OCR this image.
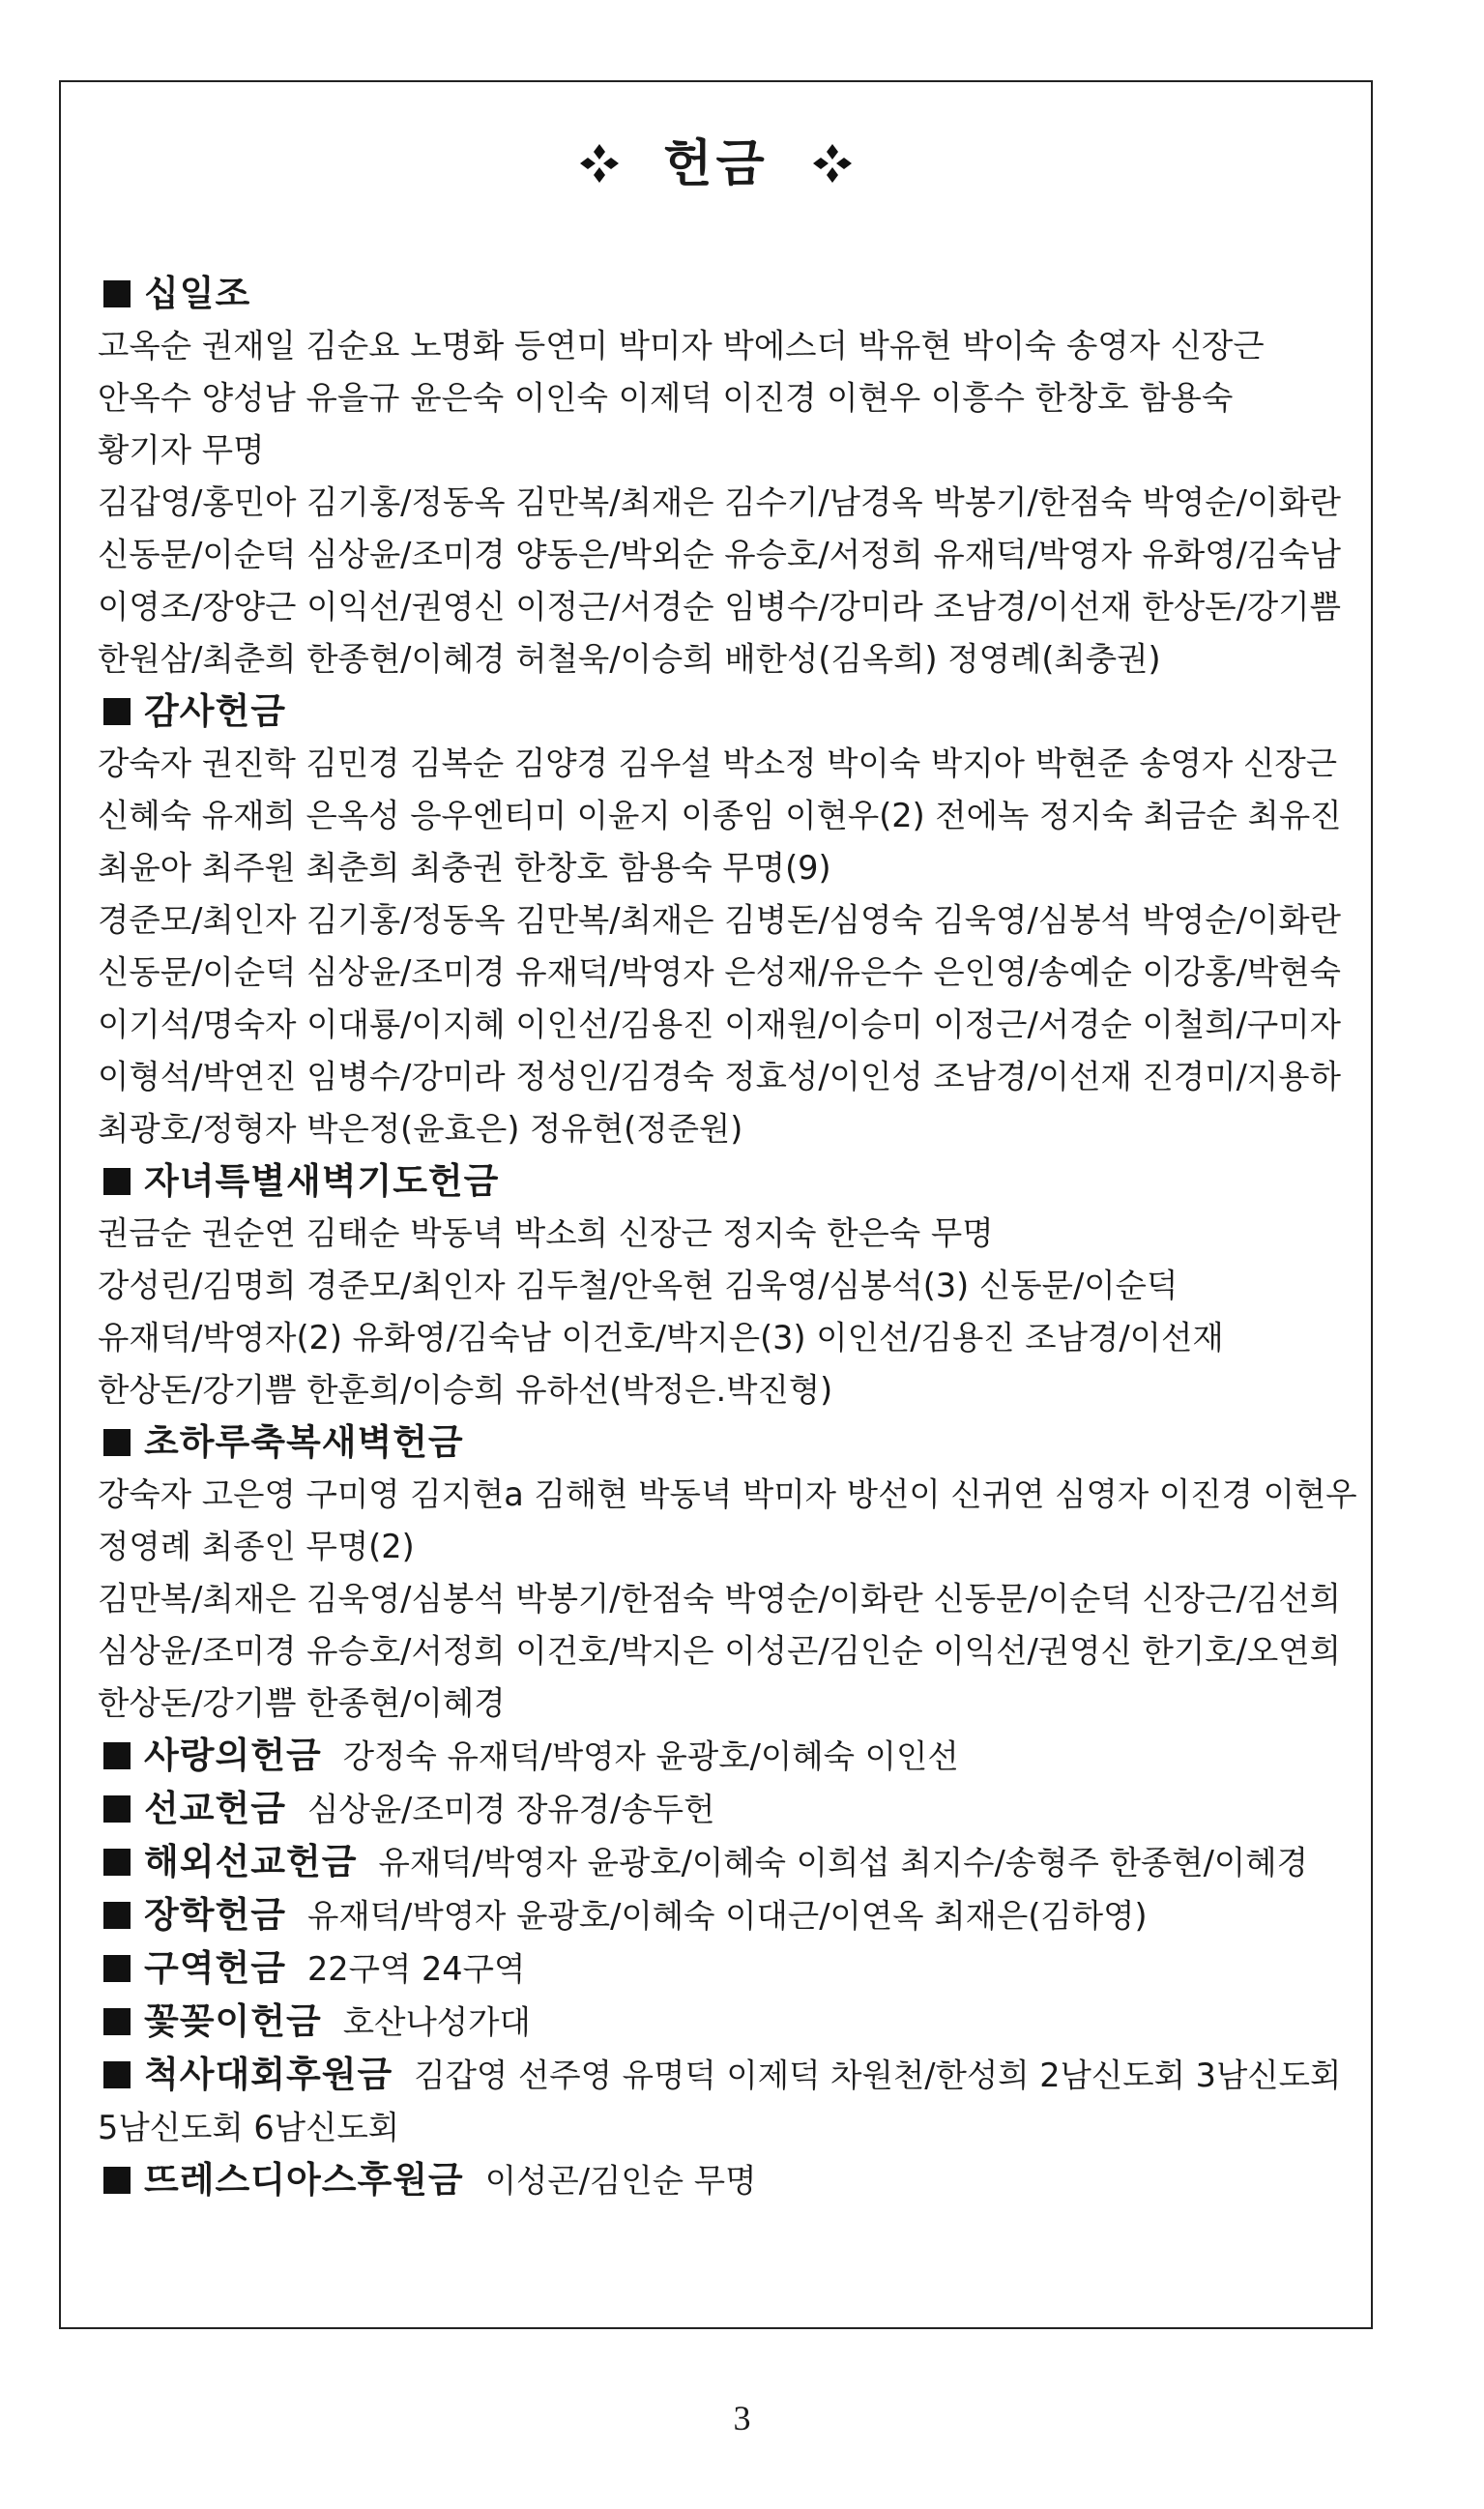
헌금

십일조

고옥순 권재일 김순요 노명화 등연미 박미자 박에스더 박유현 박이숙 송영자 신장근

안옥수 양성남 유을규 윤은숙 이인숙 이제덕 이진경 이현우 이흥수 한창호 함용숙

황기자 무명

김갑영/홍민아 김기홍/정동옥 김만복/최재은 김수기/남경옥 박봉기/한점숙 박영순/이화란

신동문/이순덕 심상윤/조미경 양동은/박외순 유승호/서정희 유재덕/박영자 유화영/김숙남

이영조/장양근 이익선/권영신 이정근/서경순 임병수/강미라 조남경/이선재 한상돈/강기쁨

한원삼/최춘희 한종현/이혜경 허철욱/이승희 배한성(김옥희) 정영례(최충권)

감사헌금

강숙자 권진학 김민경 김복순 김양경 김우설 박소정 박이숙 박지아 박현준 송영자 신장근

신혜숙 유재희 은옥성 응우엔티미 이윤지 이종임 이현우(2) 전에녹 정지숙 최금순 최유진

최윤아 최주원 최춘희 최충권 한창호 함용숙 무명(9)

경준모/최인자 김기홍/정동옥 김만복/최재은 김병돈/심영숙 김욱영/심봉석 박영순/이화란

신동문/이순덕 심상윤/조미경 유재덕/박영자 은성재/유은수 은인영/송예순 이강홍/박현숙

이기석/명숙자 이대룡/이지혜 이인선/김용진 이재원/이승미 이정근/서경순 이철희/구미자

이형석/박연진 임병수/강미라 정성인/김경숙 정효성/이인성 조남경/이선재 진경미/지용하

최광호/정형자 박은정(윤효은) 정유현(정준원)

자녀특별새벽기도헌금

권금순 권순연 김태순 박동녁 박소희 신장근 정지숙 한은숙 무명

강성린/김명희 경준모/최인자 김두철/안옥현 김욱영/심봉석(3) 신동문/이순덕

유재덕/박영자(2) 유화영/김숙남 이건호/박지은(3) 이인선/김용진 조남경/이선재

한상돈/강기쁨 한훈희/이승희 유하선(박정은.박진형)

초하루축복새벽헌금

강숙자 고은영 구미영 김지현a 김해현 박동녁 박미자 방선이 신귀연 심영자 이진경 이현우

정영례 최종인 무명(2)

김만복/최재은 김욱영/심봉석 박봉기/한점숙 박영순/이화란 신동문/이순덕 신장근/김선희

심상윤/조미경 유승호/서정희 이건호/박지은 이성곤/김인순 이익선/권영신 한기호/오연희

한상돈/강기쁨 한종현/이혜경

사랑의헌금 강정숙 유재덕/박영자 윤광호/이혜숙 이인선

선교헌금 심상윤/조미경 장유경/송두헌

해외선교헌금 유재덕/박영자 윤광호/이혜숙 이희섭 최지수/송형주 한종현/이혜경

장학헌금 유재덕/박영자 윤광호/이혜숙 이대근/이연옥 최재은(김하영)

구역헌금 22구역 24구역

꽃꽂이헌금 호산나성가대

척사대회후원금 김갑영 선주영 유명덕 이제덕 차원천/한성희 2남신도회 3남신도회

5남신도회 6남신도회

뜨레스디아스후원금 이성곤/김인순 무명

3
